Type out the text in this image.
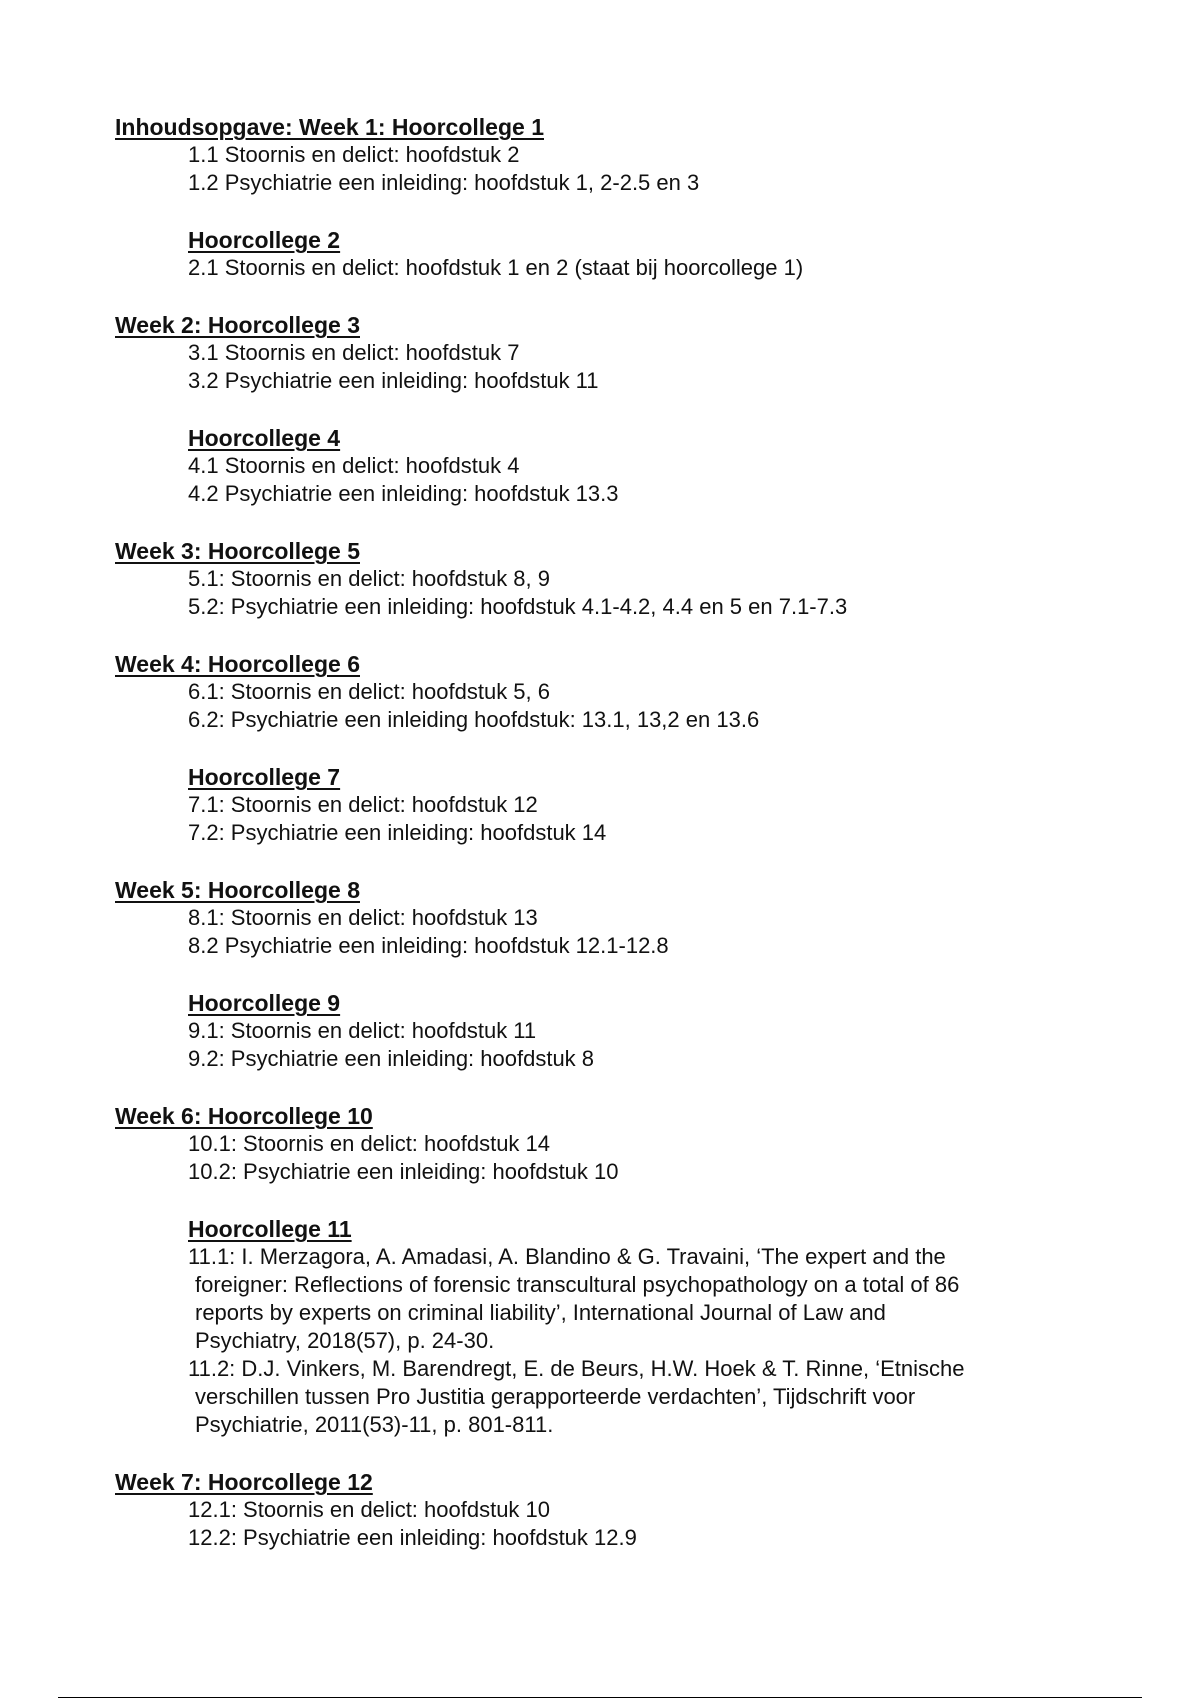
Inhoudsopgave: Week 1: Hoorcollege 1
1.1 Stoornis en delict: hoofdstuk 2
1.2 Psychiatrie een inleiding: hoofdstuk 1, 2-2.5 en 3
Hoorcollege 2
2.1 Stoornis en delict: hoofdstuk 1 en 2 (staat bij hoorcollege 1)
Week 2: Hoorcollege 3
3.1 Stoornis en delict: hoofdstuk 7
3.2 Psychiatrie een inleiding: hoofdstuk 11
Hoorcollege 4
4.1 Stoornis en delict: hoofdstuk 4
4.2 Psychiatrie een inleiding: hoofdstuk 13.3
Week 3: Hoorcollege 5
5.1: Stoornis en delict: hoofdstuk 8, 9
5.2: Psychiatrie een inleiding: hoofdstuk 4.1-4.2, 4.4 en 5 en 7.1-7.3
Week 4: Hoorcollege 6
6.1: Stoornis en delict: hoofdstuk 5, 6
6.2: Psychiatrie een inleiding hoofdstuk: 13.1, 13,2 en 13.6
Hoorcollege 7
7.1: Stoornis en delict: hoofdstuk 12
7.2: Psychiatrie een inleiding: hoofdstuk 14
Week 5: Hoorcollege 8
8.1: Stoornis en delict: hoofdstuk 13
8.2 Psychiatrie een inleiding: hoofdstuk 12.1-12.8
Hoorcollege 9
9.1: Stoornis en delict: hoofdstuk 11
9.2: Psychiatrie een inleiding: hoofdstuk 8
Week 6: Hoorcollege 10
10.1: Stoornis en delict: hoofdstuk 14
10.2: Psychiatrie een inleiding: hoofdstuk 10
Hoorcollege 11
11.1: I. Merzagora, A. Amadasi, A. Blandino & G. Travaini, ‘The expert and the
foreigner: Reflections of forensic transcultural psychopathology on a total of 86
reports by experts on criminal liability’, International Journal of Law and
Psychiatry, 2018(57), p. 24-30.
11.2: D.J. Vinkers, M. Barendregt, E. de Beurs, H.W. Hoek & T. Rinne, ‘Etnische
verschillen tussen Pro Justitia gerapporteerde verdachten’, Tijdschrift voor
Psychiatrie, 2011(53)-11, p. 801-811.
Week 7: Hoorcollege 12
12.1: Stoornis en delict: hoofdstuk 10
12.2: Psychiatrie een inleiding: hoofdstuk 12.9
